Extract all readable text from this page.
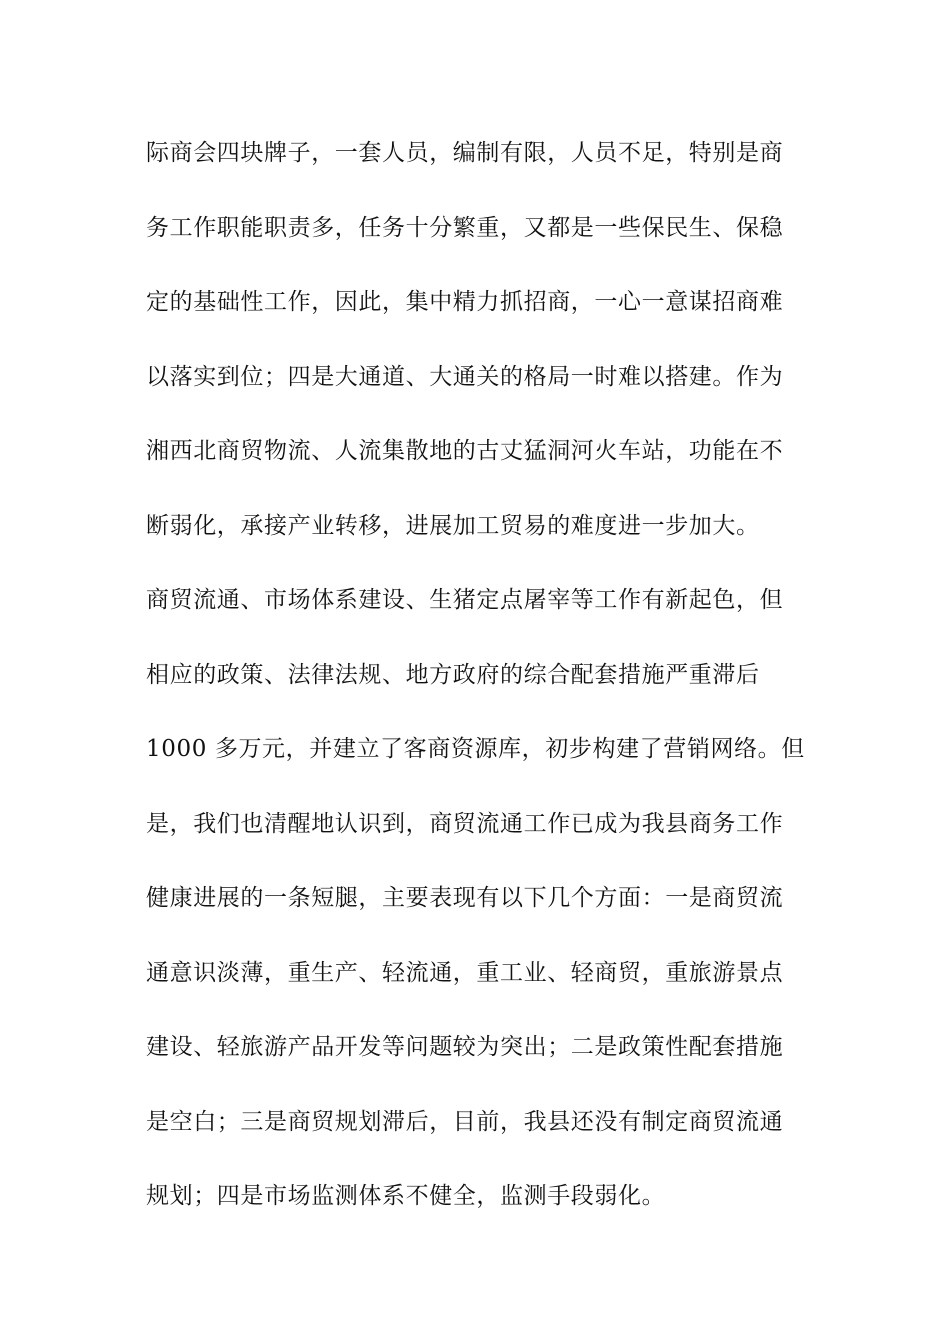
际商会四块牌子，一套人员，编制有限，人员不足，特别是商
务工作职能职责多，任务十分繁重，又都是一些保民生、保稳
定的基础性工作，因此，集中精力抓招商，一心一意谋招商难
以落实到位；四是大通道、大通关的格局一时难以搭建。作为
湘西北商贸物流、人流集散地的古丈猛洞河火车站，功能在不
断弱化，承接产业转移，进展加工贸易的难度进一步加大。
商贸流通、市场体系建设、生猪定点屠宰等工作有新起色，但
相应的政策、法律法规、地方政府的综合配套措施严重滞后
1000 多万元，并建立了客商资源库，初步构建了营销网络。但
是，我们也清醒地认识到，商贸流通工作已成为我县商务工作
健康进展的一条短腿，主要表现有以下几个方面：一是商贸流
通意识淡薄，重生产、轻流通，重工业、轻商贸，重旅游景点
建设、轻旅游产品开发等问题较为突出；二是政策性配套措施
是空白；三是商贸规划滞后，目前，我县还没有制定商贸流通
规划；四是市场监测体系不健全，监测手段弱化。
